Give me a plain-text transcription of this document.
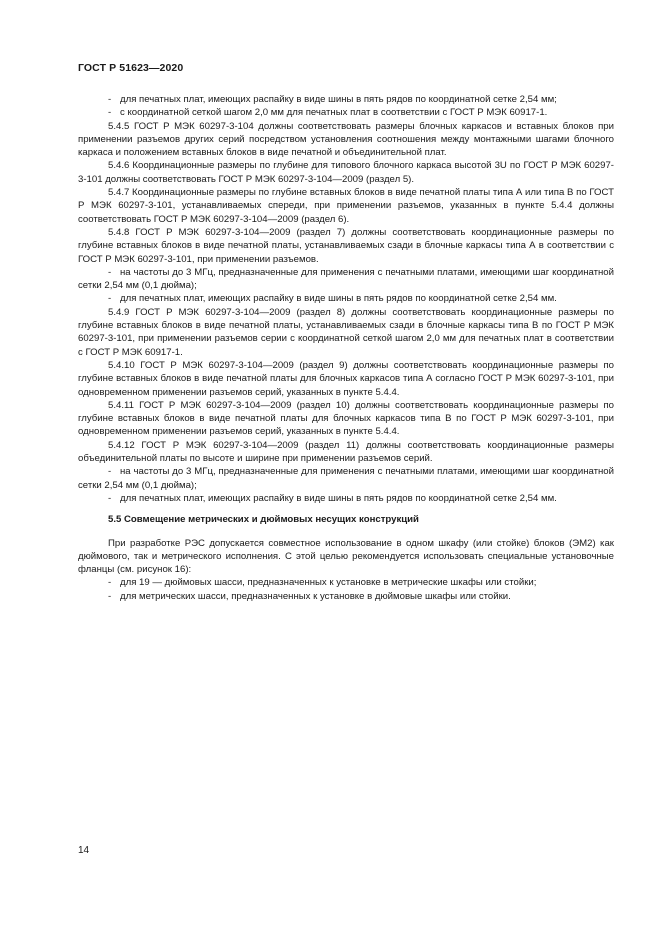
ГОСТ Р 51623—2020

- для печатных плат, имеющих распайку в виде шины в пять рядов по координатной сетке 2,54 мм;

- с координатной сеткой шагом 2,0 мм для печатных плат в соответствии с ГОСТ Р МЭК 60917-1.

5.4.5 ГОСТ Р МЭК 60297-3-104 должны соответствовать размеры блочных каркасов и вставных блоков при применении разъемов других серий посредством установления соотношения между монтажными шагами блочного каркаса и положением вставных блоков в виде печатной и объединительной плат.

5.4.6 Координационные размеры по глубине для типового блочного каркаса высотой 3U по ГОСТ Р МЭК 60297-3-101 должны соответствовать ГОСТ Р МЭК 60297-3-104—2009 (раздел 5).

5.4.7 Координационные размеры по глубине вставных блоков в виде печатной платы типа А или типа В по ГОСТ Р МЭК 60297-3-101, устанавливаемых спереди, при применении разъемов, указанных в пункте 5.4.4 должны соответствовать ГОСТ Р МЭК 60297-3-104—2009 (раздел 6).

5.4.8 ГОСТ Р МЭК 60297-3-104—2009 (раздел 7) должны соответствовать координационные размеры по глубине вставных блоков в виде печатной платы, устанавливаемых сзади в блочные каркасы типа А в соответствии с ГОСТ Р МЭК 60297-3-101, при применении разъемов.

- на частоты до 3 МГц, предназначенные для применения с печатными платами, имеющими шаг координатной сетки 2,54 мм (0,1 дюйма);

- для печатных плат, имеющих распайку в виде шины в пять рядов по координатной сетке 2,54 мм.

5.4.9 ГОСТ Р МЭК 60297-3-104—2009 (раздел 8) должны соответствовать координационные размеры по глубине вставных блоков в виде печатной платы, устанавливаемых сзади в блочные каркасы типа В по ГОСТ Р МЭК 60297-3-101, при применении разъемов серии с координатной сеткой шагом 2,0 мм для печатных плат в соответствии с ГОСТ Р МЭК 60917-1.

5.4.10 ГОСТ Р МЭК 60297-3-104—2009 (раздел 9) должны соответствовать координационные размеры по глубине вставных блоков в виде печатной платы для блочных каркасов типа А согласно ГОСТ Р МЭК 60297-3-101, при одновременном применении разъемов серий, указанных в пункте 5.4.4.

5.4.11 ГОСТ Р МЭК 60297-3-104—2009 (раздел 10) должны соответствовать координационные размеры по глубине вставных блоков в виде печатной платы для блочных каркасов типа В по ГОСТ Р МЭК 60297-3-101, при одновременном применении разъемов серий, указанных в пункте 5.4.4.

5.4.12 ГОСТ Р МЭК 60297-3-104—2009 (раздел 11) должны соответствовать координационные размеры объединительной платы по высоте и ширине при применении разъемов серий.

- на частоты до 3 МГц, предназначенные для применения с печатными платами, имеющими шаг координатной сетки 2,54 мм (0,1 дюйма);

- для печатных плат, имеющих распайку в виде шины в пять рядов по координатной сетке 2,54 мм.

5.5 Совмещение метрических и дюймовых несущих конструкций

При разработке РЭС допускается совместное использование в одном шкафу (или стойке) блоков (ЭМ2) как дюймового, так и метрического исполнения. С этой целью рекомендуется использовать специальные установочные фланцы (см. рисунок 16):

- для 19 — дюймовых шасси, предназначенных к установке в метрические шкафы или стойки;

- для метрических шасси, предназначенных к установке в дюймовые шкафы или стойки.

14
